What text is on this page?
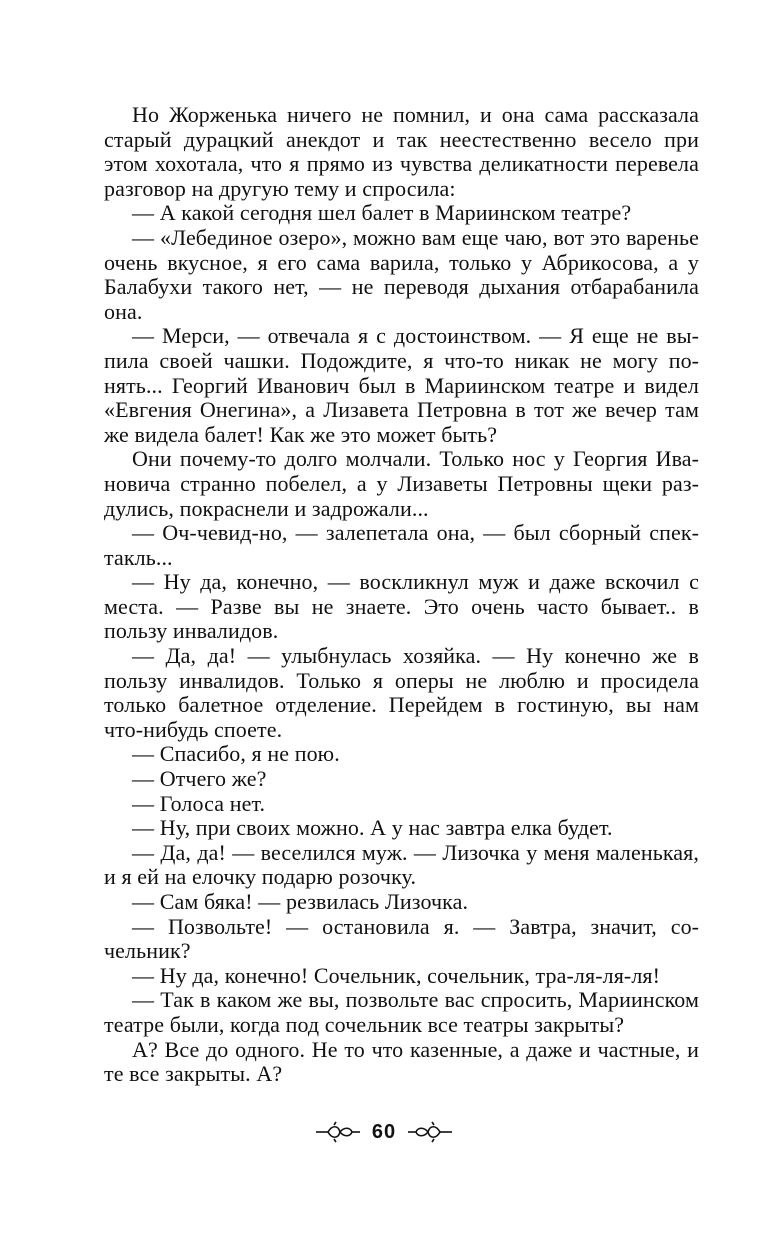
Но Жорженька ничего не помнил, и она сама рассказала старый дурацкий анекдот и так неестественно весело при этом хохотала, что я прямо из чувства деликатности перевела разговор на другую тему и спросила:

— А какой сегодня шел балет в Мариинском театре?

— «Лебединое озеро», можно вам еще чаю, вот это варенье очень вкусное, я его сама варила, только у Абрикосова, а у Балабухи такого нет, — не переводя дыхания отбарабaнила она.

— Мерси, — отвечала я с достоинством. — Я еще не выпила своей чашки. Подождите, я что-то никак не могу понять... Георгий Иванович был в Мариинском театре и видел «Евгения Онегина», а Лизавета Петровна в тот же вечер там же видела балет! Как же это может быть?

Они почему-то долго молчали. Только нос у Георгия Ивановича странно побелел, а у Лизаветы Петровны щеки раздулись, покраснели и задрожали...

— Оч-чевид-но, — залепетала она, — был сборный спектакль...

— Ну да, конечно, — воскликнул муж и даже вскочил с места. — Разве вы не знаете. Это очень часто бывает.. в пользу инвалидов.

— Да, да! — улыбнулась хозяйка. — Ну конечно же в пользу инвалидов. Только я оперы не люблю и просидела только балетное отделение. Перейдем в гостиную, вы нам что-нибудь споете.

— Спасибо, я не пою.

— Отчего же?

— Голоса нет.

— Ну, при своих можно. А у нас завтра елка будет.

— Да, да! — веселился муж. — Лизочка у меня маленькая, и я ей на елочку подарю розочку.

— Сам бяка! — резвилась Лизочка.

— Позвольте! — остановила я. — Завтра, значит, сочельник?

— Ну да, конечно! Сочельник, сочельник, тра-ля-ля-ля!

— Так в каком же вы, позвольте вас спросить, Мариинском театре были, когда под сочельник все театры закрыты?

А? Все до одного. Не то что казенные, а даже и частные, и те все закрыты. А?

60
